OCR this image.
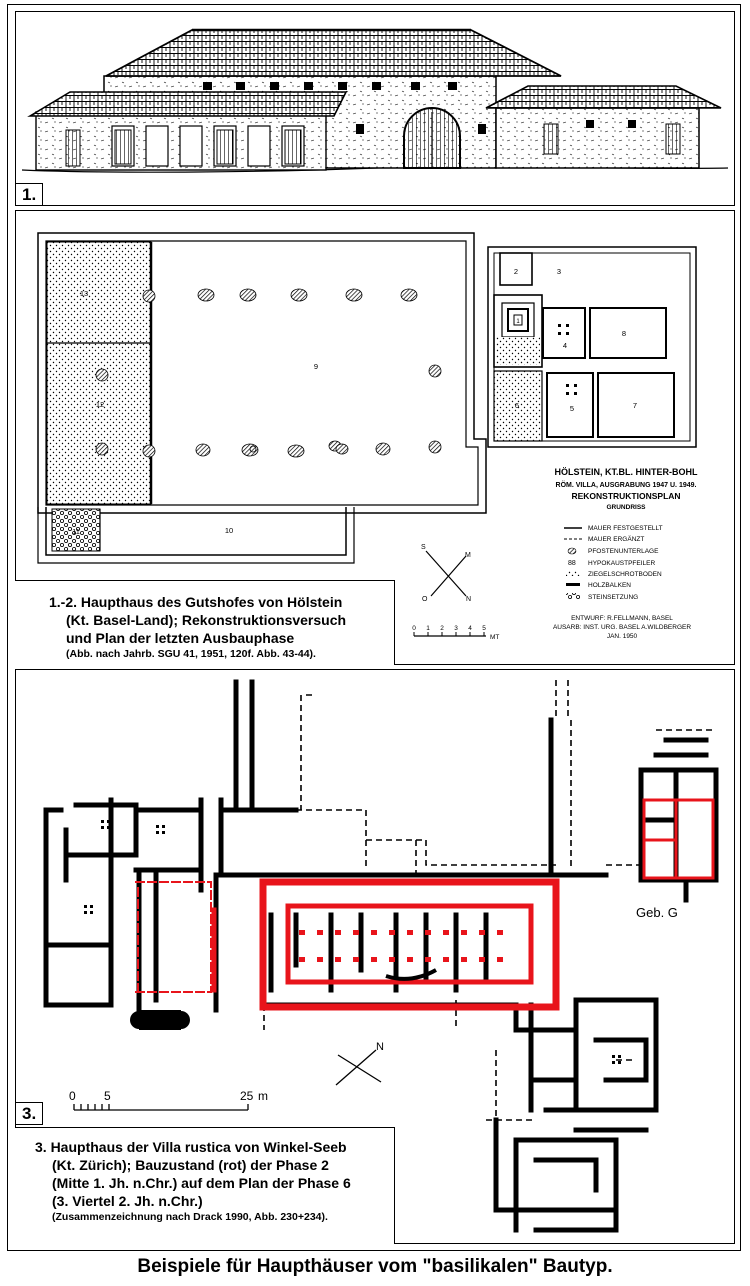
1.
9
10
11
12
13
1
2	3
4
5
6	7
8
HÖLSTEIN, KT.BL. HINTER-BOHL
RÖM. VILLA, AUSGRABUNG 1947 U. 1949.
REKONSTRUKTIONSPLAN
GRUNDRISS
MAUER FESTGESTELLT
MAUER ERGÄNZT
PFOSTENUNTERLAGE
88 HYPOKAUSTPFEILER
ZIEGELSCHROTBODEN
HOLZBALKEN
STEINSETZUNG
ENTWURF: R.FELLMANN, BASEL
AUSARB: INST. URG. BASEL A.WILDBERGER
JAN. 1950
S
M
O	N
0 1 2 3 4 5
MT
1.-2. Haupthaus des Gutshofes von Hölstein
(Kt. Basel-Land); Rekonstruktionsversuch
und Plan der letzten Ausbauphase
(Abb. nach Jahrb. SGU 41, 1951, 120f. Abb. 43-44).
Geb. G
N
0 5	25 m
3.
3. Haupthaus der Villa rustica von Winkel-Seeb
(Kt. Zürich); Bauzustand (rot) der Phase 2
(Mitte 1. Jh. n.Chr.) auf dem Plan der Phase 6
(3. Viertel 2. Jh. n.Chr.)
(Zusammenzeichnung nach Drack 1990, Abb. 230+234).
Beispiele für Haupthäuser vom "basilikalen" Bautyp.
